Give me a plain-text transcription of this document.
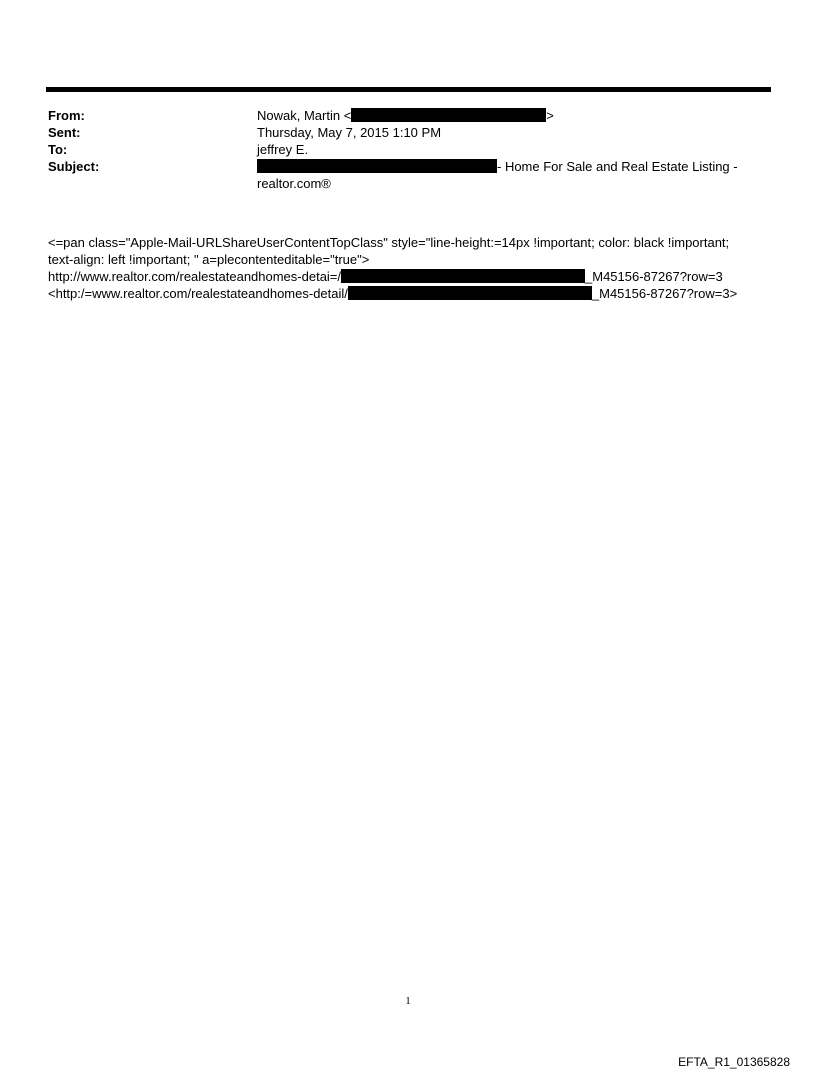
From:	Nowak, Martin <	>
Sent:	Thursday, May 7, 2015 1:10 PM
To:	jeffrey E.
Subject:	- Home For Sale and Real Estate Listing -
realtor.com®
<=pan class="Apple-Mail-URLShareUserContentTopClass" style="line-height:=14px !important; color: black !important;
text-align: left !important; " a=plecontenteditable="true">
http://www.realtor.com/realestateandhomes-detai=/	_M45156-87267?row=3
<http:/=www.realtor.com/realestateandhomes-detail/	_M45156-87267?row=3>
1
EFTA_R1_01365828
